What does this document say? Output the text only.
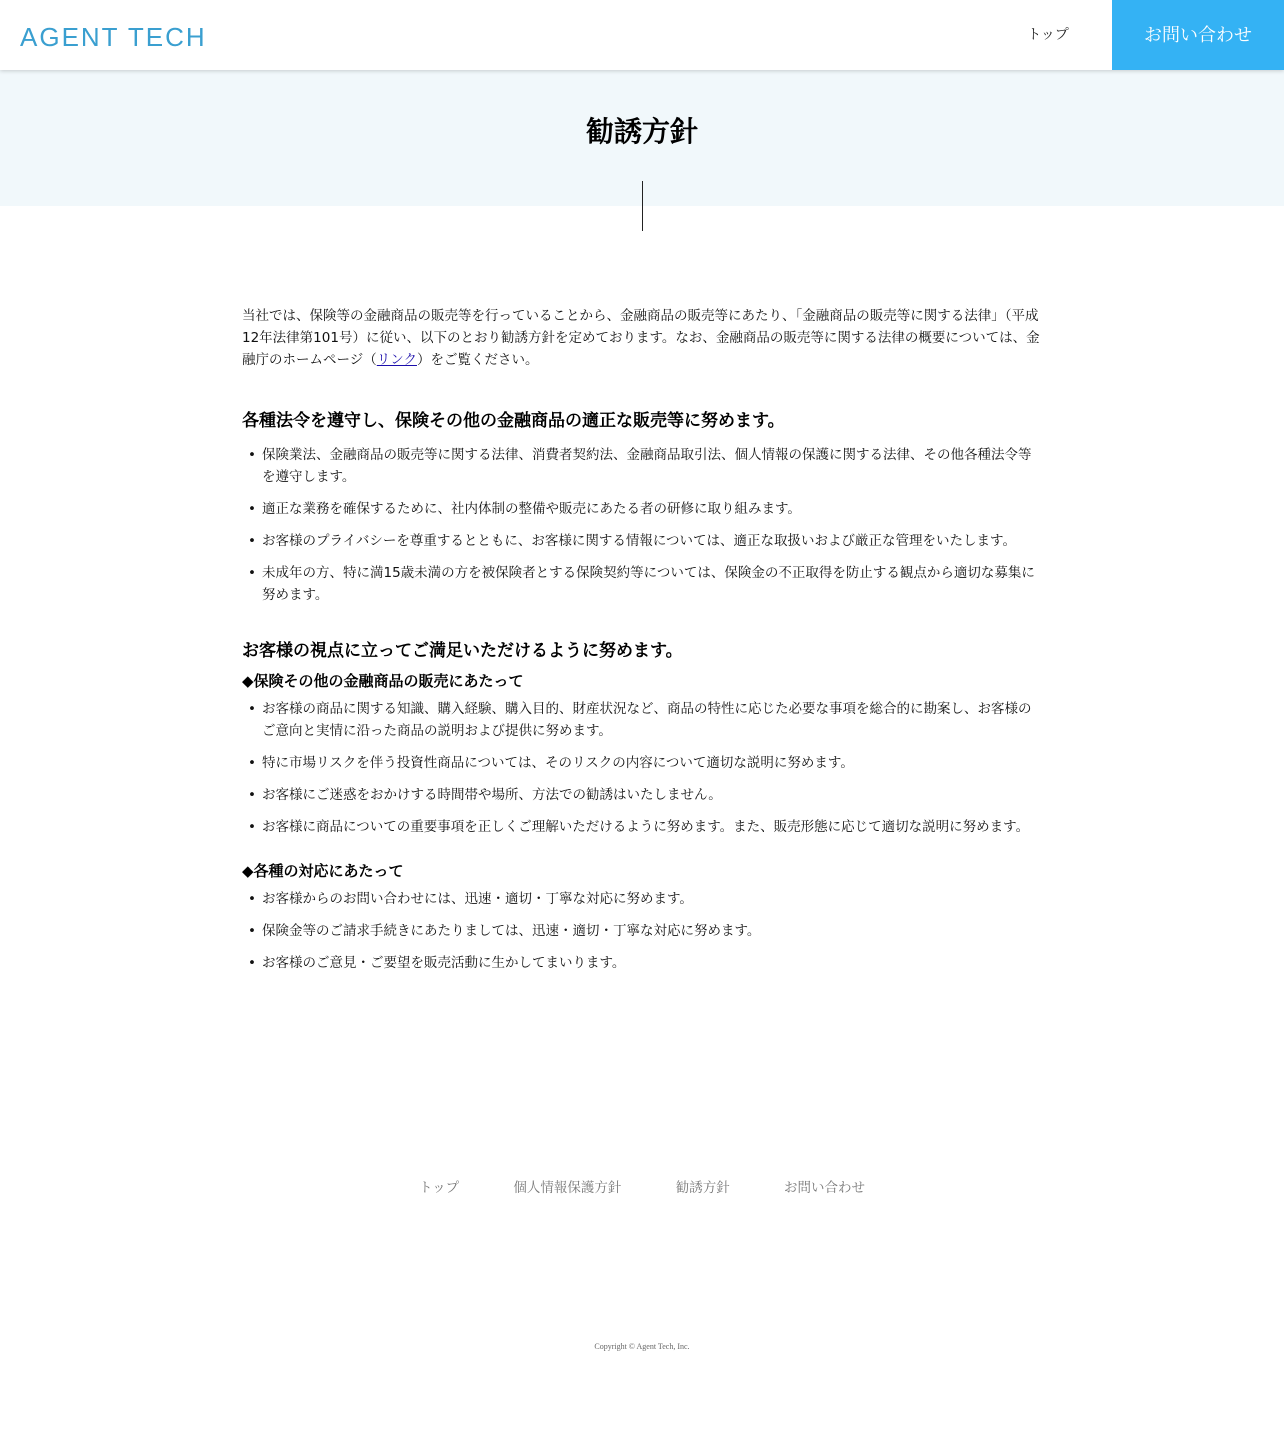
AGENT TECH	トップ	お問い合わせ
勧誘方針

当社では、保険等の金融商品の販売等を行っていることから、金融商品の販売等にあたり、「金融商品の販売等に関する法律」（平成12年法律第101号）に従い、以下のとおり勧誘方針を定めております。なお、金融商品の販売等に関する法律の概要については、金融庁のホームページ（リンク）をご覧ください。

各種法令を遵守し、保険その他の金融商品の適正な販売等に努めます。
• 保険業法、金融商品の販売等に関する法律、消費者契約法、金融商品取引法、個人情報の保護に関する法律、その他各種法令等を遵守します。
• 適正な業務を確保するために、社内体制の整備や販売にあたる者の研修に取り組みます。
• お客様のプライバシーを尊重するとともに、お客様に関する情報については、適正な取扱いおよび厳正な管理をいたします。
• 未成年の方、特に満15歳未満の方を被保険者とする保険契約等については、保険金の不正取得を防止する観点から適切な募集に努めます。
お客様の視点に立ってご満足いただけるように努めます。
◆保険その他の金融商品の販売にあたって
• お客様の商品に関する知識、購入経験、購入目的、財産状況など、商品の特性に応じた必要な事項を総合的に勘案し、お客様のご意向と実情に沿った商品の説明および提供に努めます。
• 特に市場リスクを伴う投資性商品については、そのリスクの内容について適切な説明に努めます。
• お客様にご迷惑をおかけする時間帯や場所、方法での勧誘はいたしません。
• お客様に商品についての重要事項を正しくご理解いただけるように努めます。また、販売形態に応じて適切な説明に努めます。
◆各種の対応にあたって
• お客様からのお問い合わせには、迅速・適切・丁寧な対応に努めます。
• 保険金等のご請求手続きにあたりましては、迅速・適切・丁寧な対応に努めます。
• お客様のご意見・ご要望を販売活動に生かしてまいります。
トップ	個人情報保護方針	勧誘方針	お問い合わせ
Copyright © Agent Tech, Inc.
